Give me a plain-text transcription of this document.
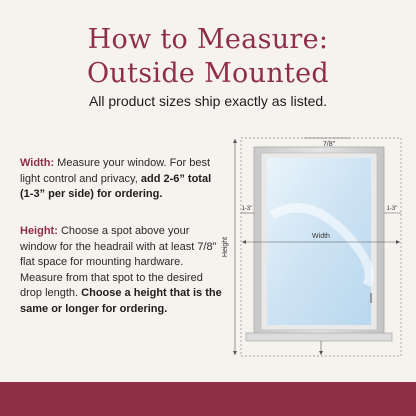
How to Measure:
Outside Mounted
All product sizes ship exactly as listed.
Width: Measure your window. For best light control and privacy, add 2-6” total (1-3” per side) for ordering.
Height: Choose a spot above your window for the headrail with at least 7/8” flat space for mounting hardware. Measure from that spot to the desired drop length. Choose a height that is the same or longer for ordering.
7/8"
1-3"	1-3"
Width
Height
